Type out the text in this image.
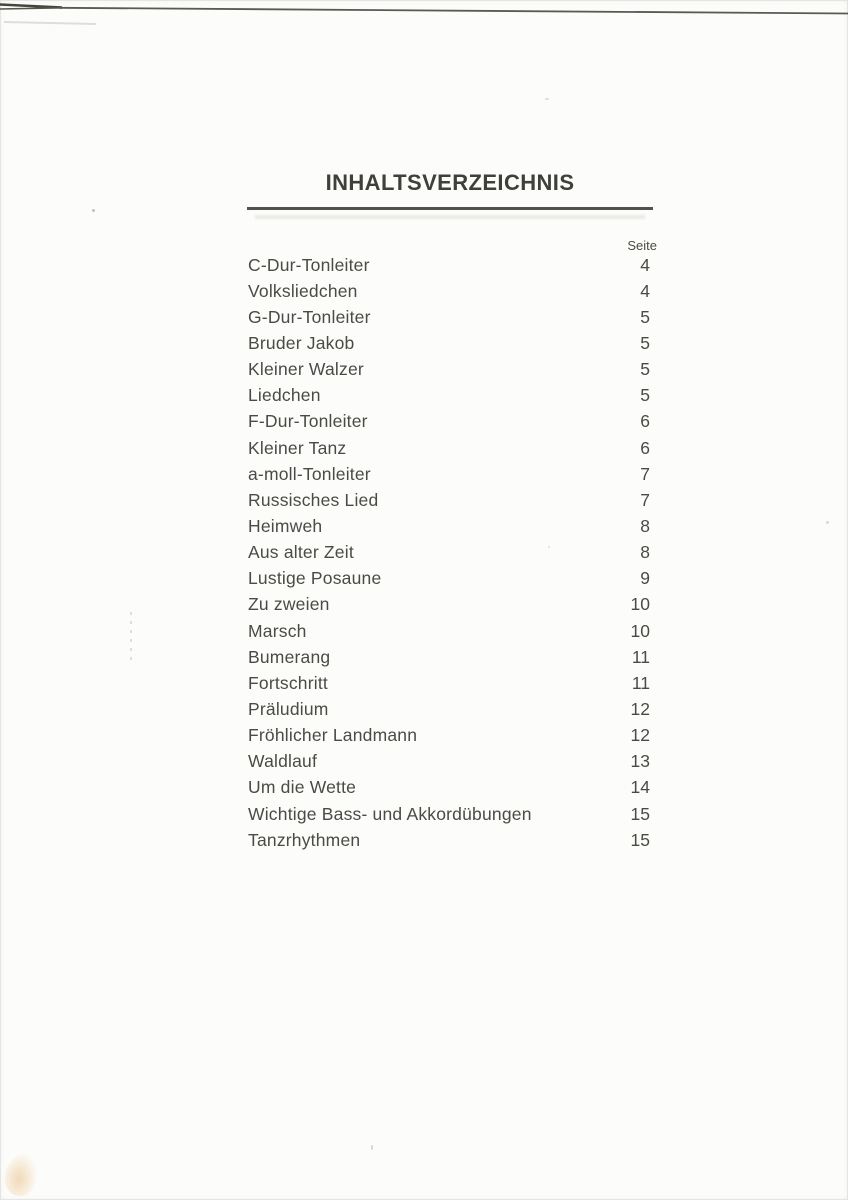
INHALTSVERZEICHNIS
Seite
C-Dur-Tonleiter	4
Volksliedchen	4
G-Dur-Tonleiter	5
Bruder Jakob	5
Kleiner Walzer	5
Liedchen	5
F-Dur-Tonleiter	6
Kleiner Tanz	6
a-moll-Tonleiter	7
Russisches Lied	7
Heimweh	8
Aus alter Zeit	8
Lustige Posaune	9
Zu zweien	10
Marsch	10
Bumerang	11
Fortschritt	11
Präludium	12
Fröhlicher Landmann	12
Waldlauf	13
Um die Wette	14
Wichtige Bass- und Akkordübungen	15
Tanzrhythmen	15
